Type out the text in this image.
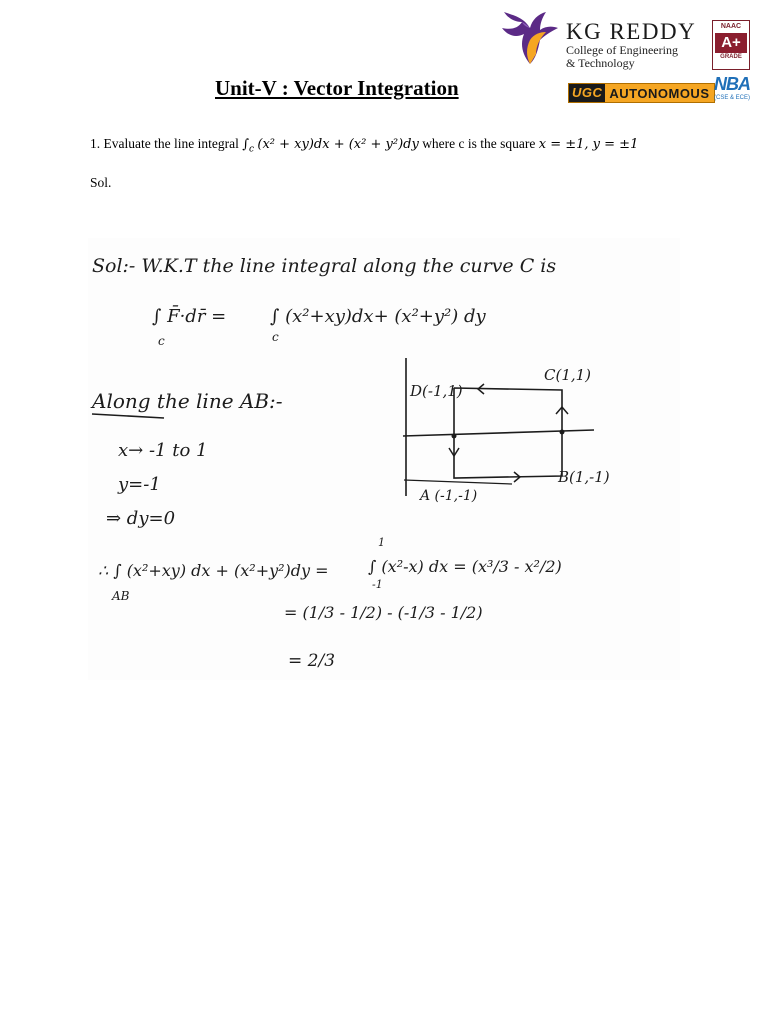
KG REDDY
College of Engineering
& Technology
UGC AUTONOMOUS
NAAC
A+
GRADE
NBA
(CSE & ECE)
Unit-V : Vector Integration
1. Evaluate the line integral $\int_c$ (x² + xy)dx + (x² + y²)dy where c is the square x = ±1, y = ±1
Sol.
Sol:- W.K.T the line integral along the curve C is
∫ F̄·dr̄ = ∫ (x²+xy)dx+ (x²+y²) dy
c	c
Along the line AB:-	D(-1,1)
C(1,1)
A (-1,-1)
B(1,-1)
x→ -1 to 1
y=-1
⇒ dy=0
∴ ∫ (x²+xy) dx + (x²+y²)dy =
AB
∫ (x²-x) dx = (x³/3 - x²/2)
1
-1
= (1/3 - 1/2) - (-1/3 - 1/2)
= 2/3
